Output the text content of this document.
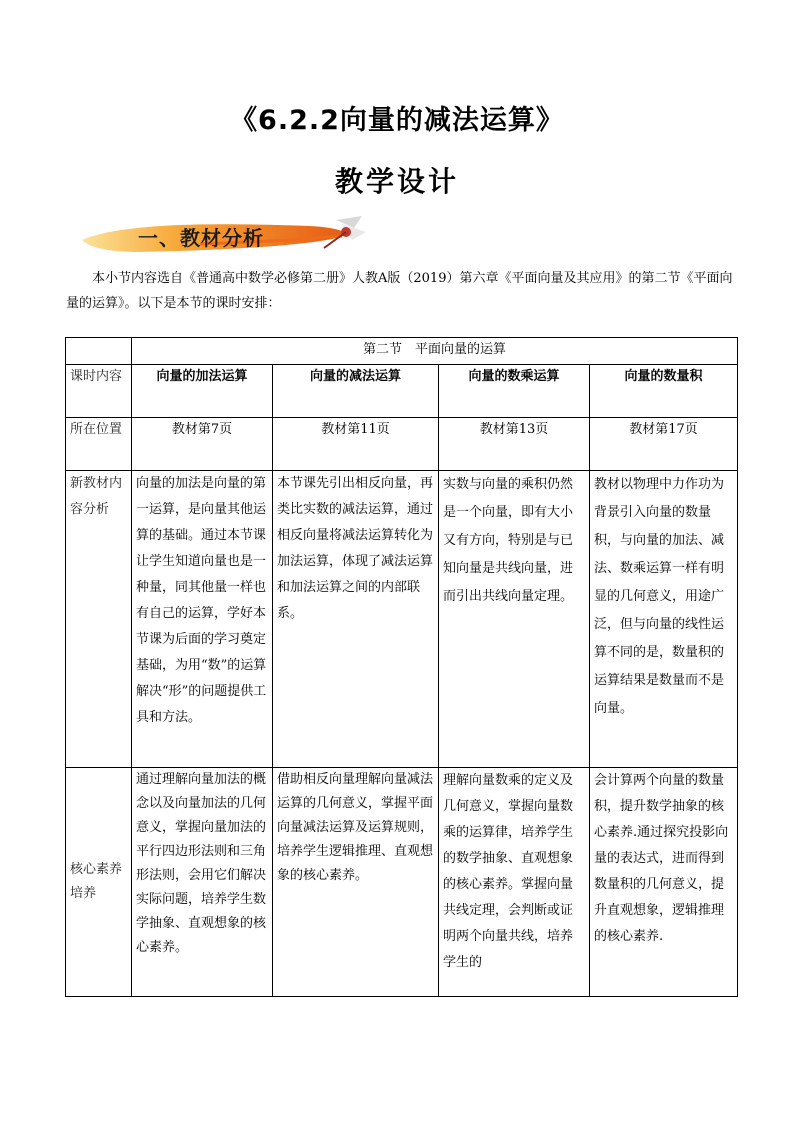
《6.2.2向量的减法运算》
教学设计
一、教材分析
本小节内容选自《普通高中数学必修第二册》人教A版（2019）第六章《平面向量及其应用》的第二节《平面向量的运算》。以下是本节的课时安排：
	第二节　平面向量的运算			
课时内容	向量的加法运算	向量的减法运算	向量的数乘运算	向量的数量积
所在位置	教材第7页	教材第11页	教材第13页	教材第17页
新教材内容分析	向量的加法是向量的第一运算，是向量其他运算的基础。通过本节课让学生知道向量也是一种量，同其他量一样也有自己的运算，学好本节课为后面的学习奠定基础，为用“数”的运算解决“形”的问题提供工具和方法。	本节课先引出相反向量，再类比实数的减法运算，通过相反向量将减法运算转化为加法运算，体现了减法运算和加法运算之间的内部联系。	实数与向量的乘积仍然是一个向量，即有大小又有方向，特别是与已知向量是共线向量，进而引出共线向量定理。	教材以物理中力作功为背景引入向量的数量积，与向量的加法、减法、数乘运算一样有明显的几何意义，用途广泛，但与向量的线性运算不同的是，数量积的运算结果是数量而不是向量。
核心素养培养	通过理解向量加法的概念以及向量加法的几何意义，掌握向量加法的平行四边形法则和三角形法则，会用它们解决实际问题，培养学生数学抽象、直观想象的核心素养。	借助相反向量理解向量减法运算的几何意义，掌握平面向量减法运算及运算规则，培养学生逻辑推理、直观想象的核心素养。	理解向量数乘的定义及几何意义，掌握向量数乘的运算律，培养学生的数学抽象、直观想象的核心素养。掌握向量共线定理，会判断或证明两个向量共线，培养学生的	会计算两个向量的数量积，提升数学抽象的核心素养.通过探究投影向量的表达式，进而得到数量积的几何意义，提升直观想象，逻辑推理的核心素养.
